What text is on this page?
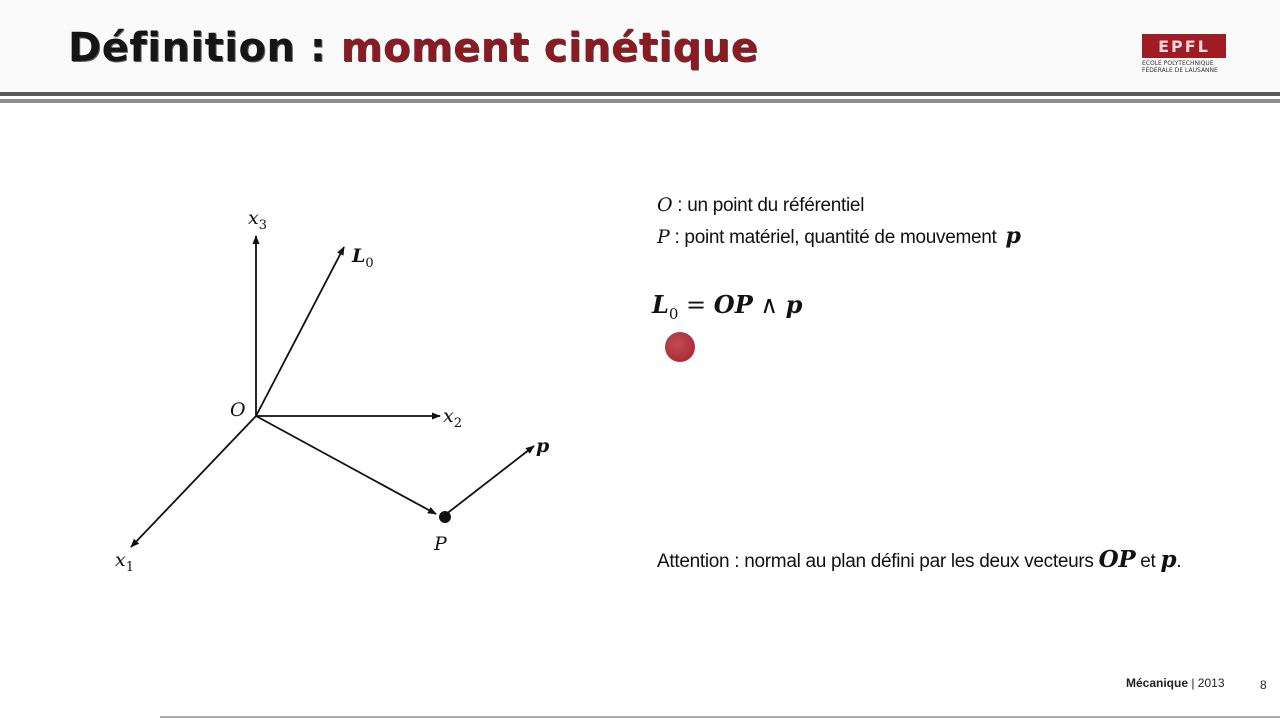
Définition : moment cinétique	EPFL
ÉCOLE POLYTECHNIQUE
FÉDÉRALE DE LAUSANNE
$x_3$
$x_2$
$x_1$
$L_0$
O
P
p
O : un point du référentiel
P : point matériel, quantité de mouvement p
$L_0$ = OP ∧ p
Attention : normal au plan défini par les deux vecteurs OP et p.
Mécanique | 2013	8
